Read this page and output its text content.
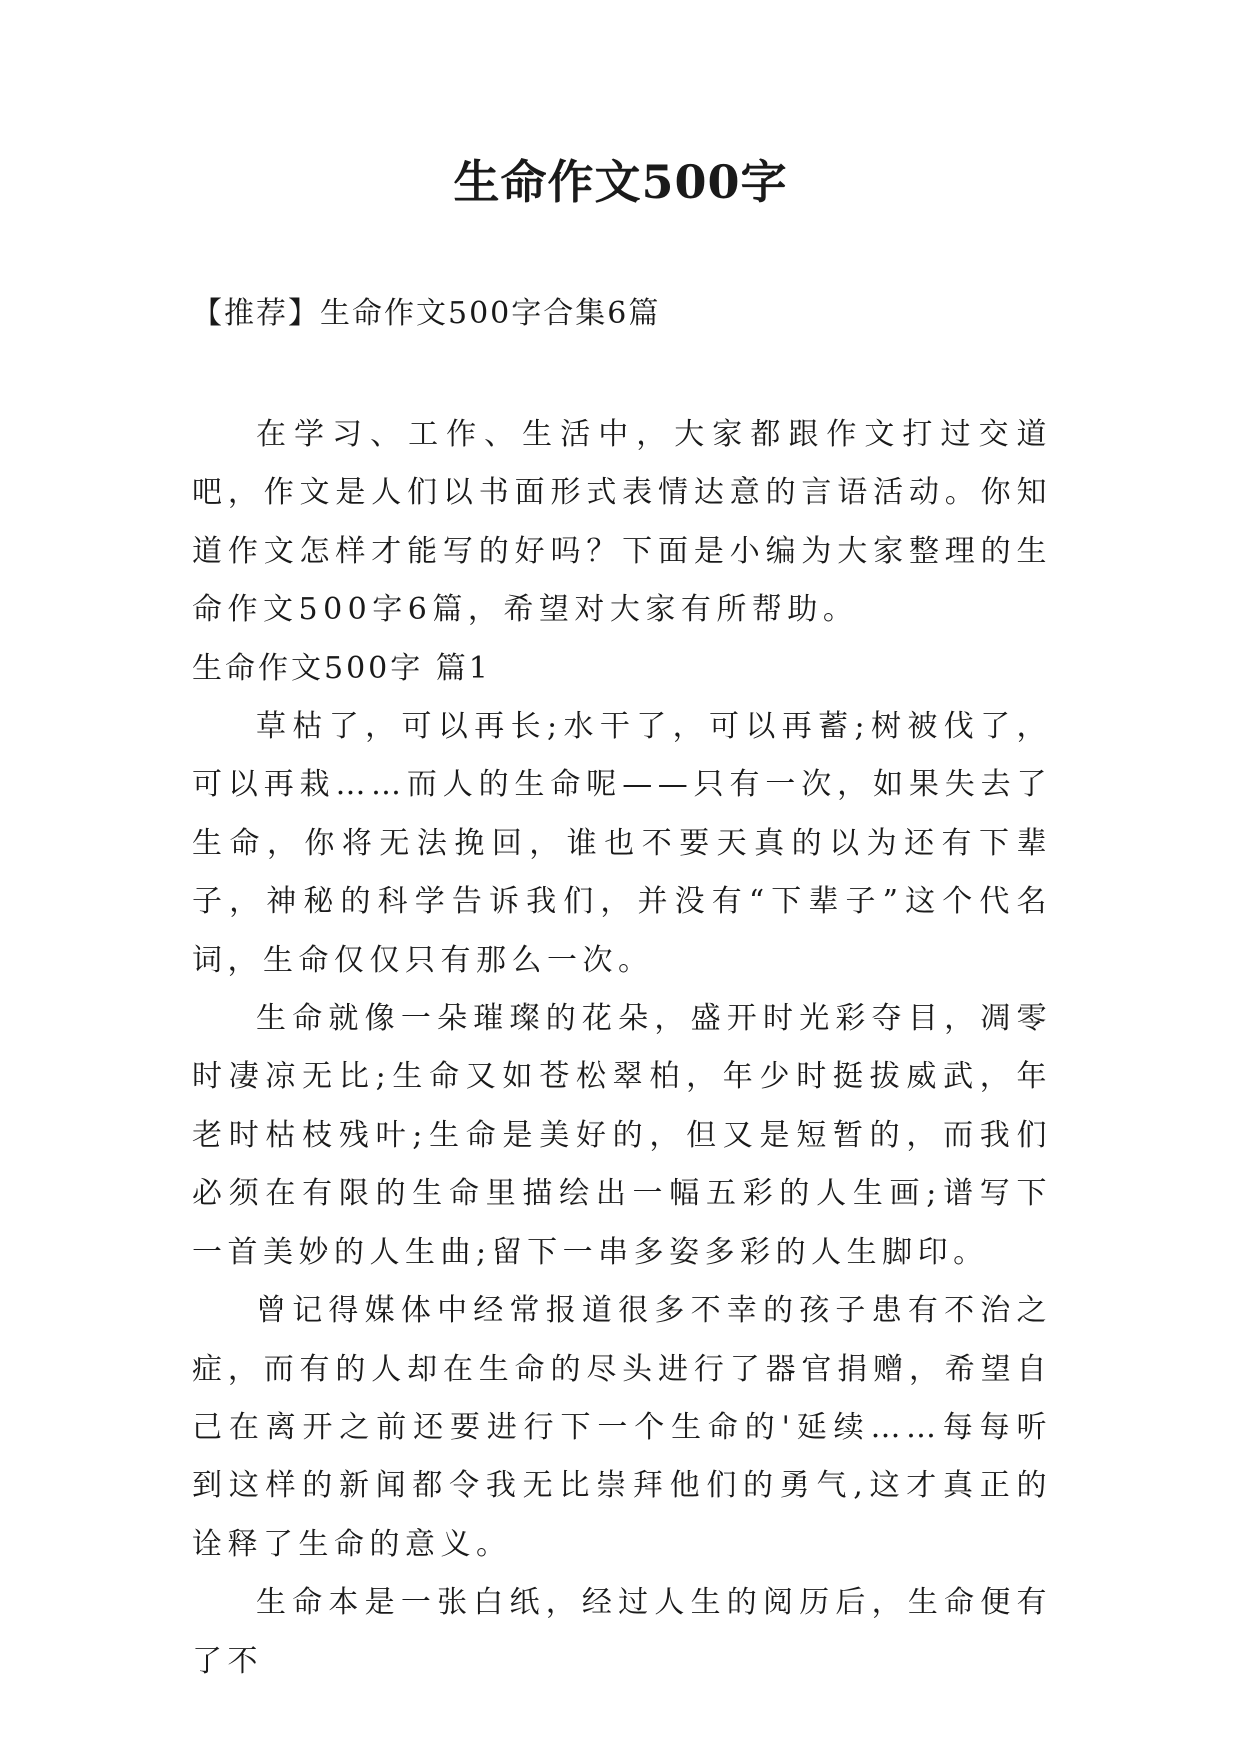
生命作文500字

【推荐】生命作文500字合集6篇

在学习、工作、生活中，大家都跟作文打过交道吧，作文是人们以书面形式表情达意的言语活动。你知道作文怎样才能写的好吗？下面是小编为大家整理的生命作文500字6篇，希望对大家有所帮助。

生命作文500字 篇1

草枯了，可以再长;水干了，可以再蓄;树被伐了，可以再栽……而人的生命呢——只有一次，如果失去了生命，你将无法挽回，谁也不要天真的以为还有下辈子，神秘的科学告诉我们，并没有“下辈子”这个代名词，生命仅仅只有那么一次。

生命就像一朵璀璨的花朵，盛开时光彩夺目，凋零时凄凉无比;生命又如苍松翠柏，年少时挺拔威武，年老时枯枝残叶;生命是美好的，但又是短暂的，而我们必须在有限的生命里描绘出一幅五彩的人生画;谱写下一首美妙的人生曲;留下一串多姿多彩的人生脚印。

曾记得媒体中经常报道很多不幸的孩子患有不治之症，而有的人却在生命的尽头进行了器官捐赠，希望自己在离开之前还要进行下一个生命的'延续……每每听到这样的新闻都令我无比崇拜他们的勇气,这才真正的诠释了生命的意义。

生命本是一张白纸，经过人生的阅历后，生命便有了不
